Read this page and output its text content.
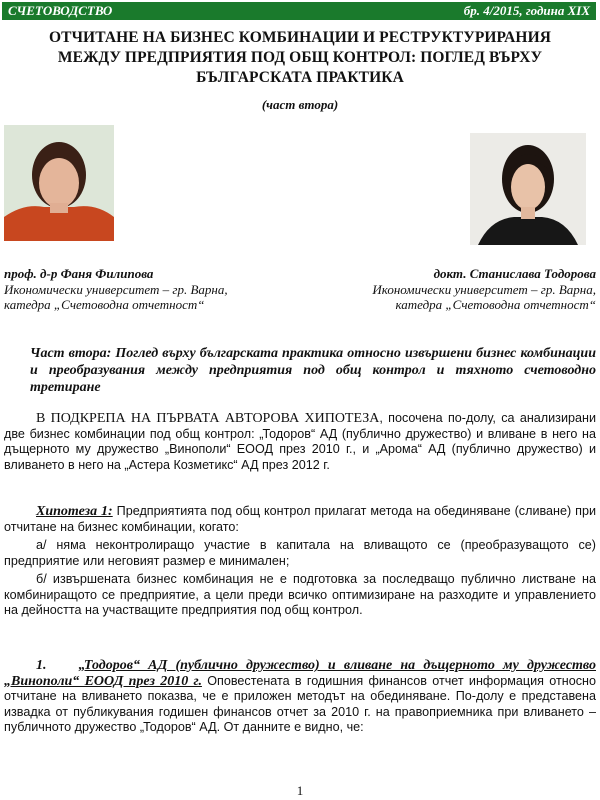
СЧЕТОВОДСТВО	бр. 4/2015, година XIX
ОТЧИТАНЕ НА БИЗНЕС КОМБИНАЦИИ И РЕСТРУКТУРИРАНИЯ МЕЖДУ ПРЕДПРИЯТИЯ ПОД ОБЩ КОНТРОЛ: ПОГЛЕД ВЪРХУ БЪЛГАРСКАТА ПРАКТИКА
(част втора)
проф. д-р Фаня Филипова
Икономически университет – гр. Варна,
катедра „Счетоводна отчетност“
докт. Станислава Тодорова
Икономически университет – гр. Варна,
катедра „Счетоводна отчетност“
Част втора: Поглед върху българската практика относно извършени бизнес комбинации и преобразувания между предприятия под общ контрол и тяхното счетоводно третиране
В ПОДКРЕПА НА ПЪРВАТА АВТОРОВА ХИПОТЕЗА, посочена по-долу, са анализирани две бизнес комбинации под общ контрол: „Тодоров“ АД (публично дружество) и вливане в него на дъщерното му дружество „Винополи“ ЕООД през 2010 г., и „Арома“ АД (публично дружество) и вливането в него на „Астера Козметикс“ АД през 2012 г.
Хипотеза 1: Предприятията под общ контрол прилагат метода на обединяване (сливане) при отчитане на бизнес комбинации, когато:
а/ няма неконтролиращо участие в капитала на вливащото се (преобразуващото се) предприятие или неговият размер е минимален;
б/ извършената бизнес комбинация не е подготовка за последващо публично листване на комбиниращото се предприятие, а цели преди всичко оптимизиране на разходите и управлението на дейността на участващите предприятия под общ контрол.
1. „Тодоров“ АД (публично дружество) и вливане на дъщерното му дружество „Винополи“ ЕООД през 2010 г. Оповестената в годишния финансов отчет информация относно отчитане на вливането показва, че е приложен методът на обединяване. По-долу е представена извадка от публикувания годишен финансов отчет за 2010 г. на правоприемника при вливането – публичното дружество „Тодоров“ АД. От данните е видно, че:
1
